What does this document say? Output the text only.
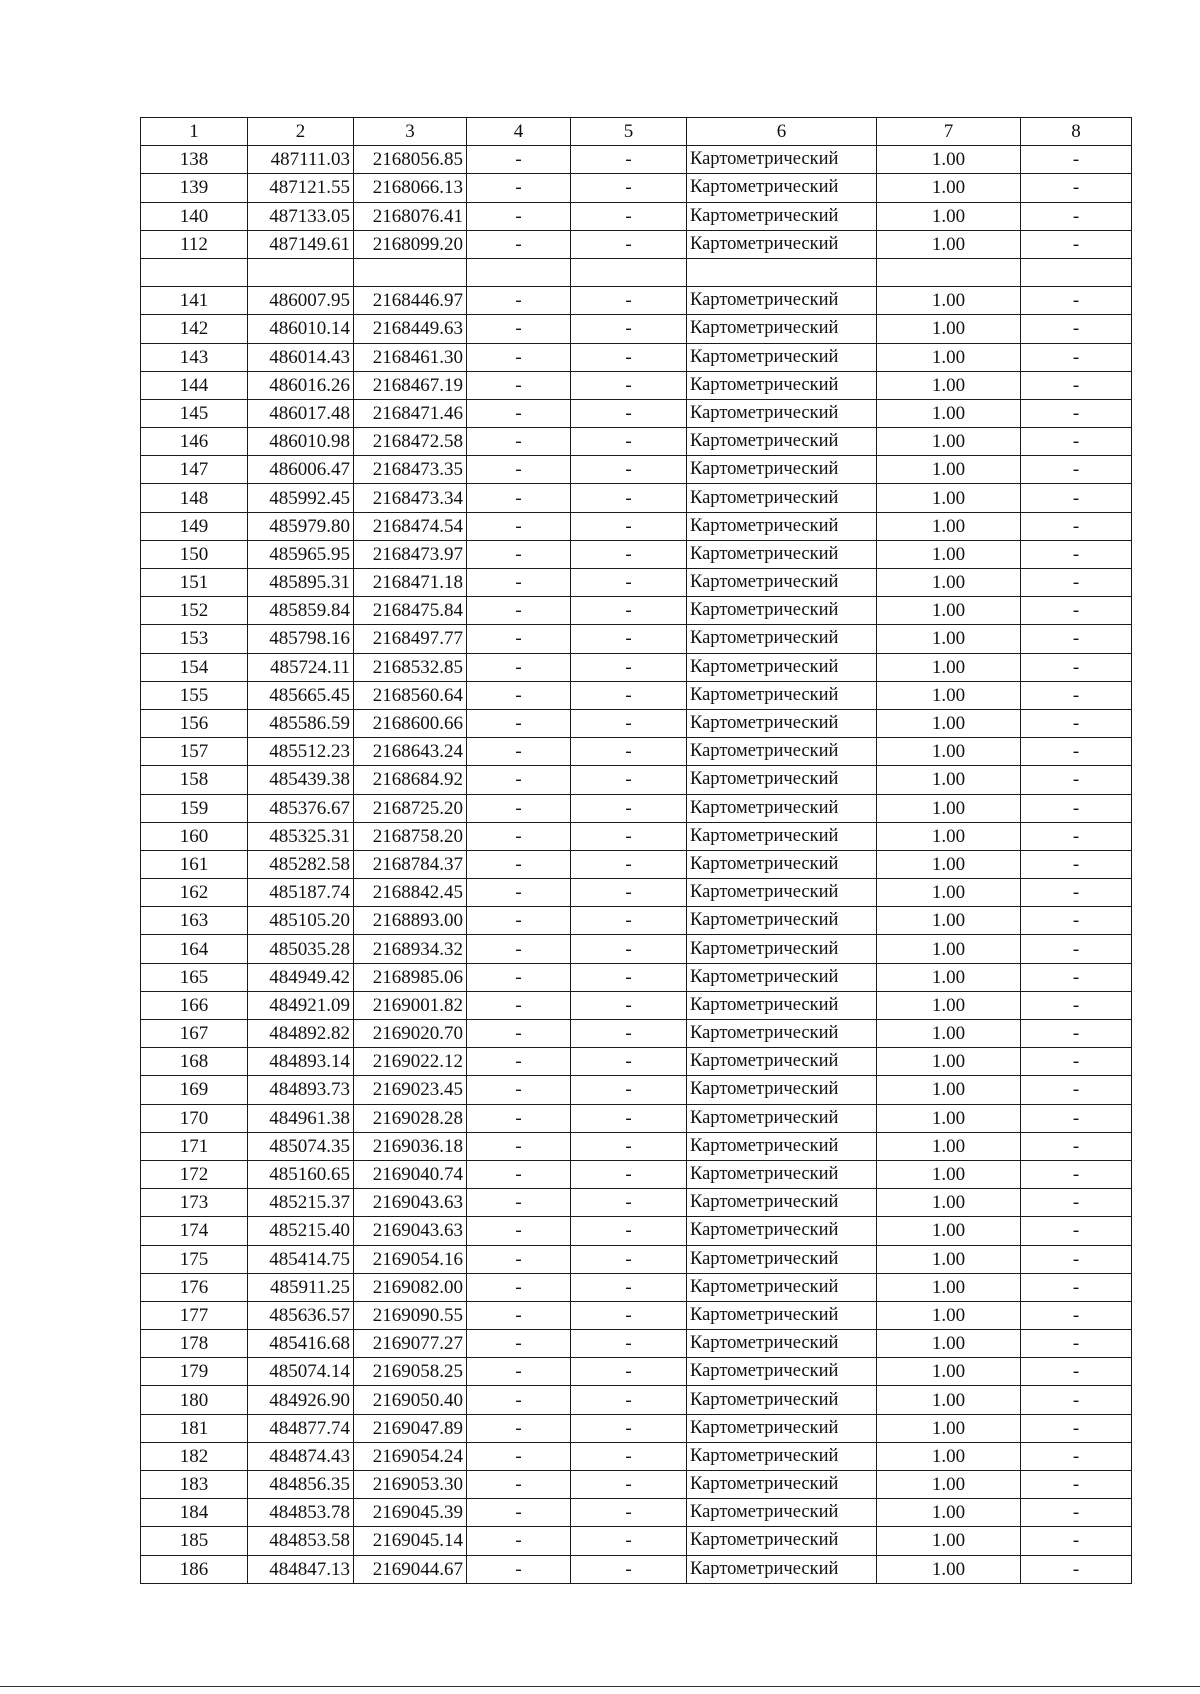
1	2	3	4	5	6	7	8
138	487111.03	2168056.85	-	-	Картометрический	1.00	-
139	487121.55	2168066.13	-	-	Картометрический	1.00	-
140	487133.05	2168076.41	-	-	Картометрический	1.00	-
112	487149.61	2168099.20	-	-	Картометрический	1.00	-

141	486007.95	2168446.97	-	-	Картометрический	1.00	-
142	486010.14	2168449.63	-	-	Картометрический	1.00	-
143	486014.43	2168461.30	-	-	Картометрический	1.00	-
144	486016.26	2168467.19	-	-	Картометрический	1.00	-
145	486017.48	2168471.46	-	-	Картометрический	1.00	-
146	486010.98	2168472.58	-	-	Картометрический	1.00	-
147	486006.47	2168473.35	-	-	Картометрический	1.00	-
148	485992.45	2168473.34	-	-	Картометрический	1.00	-
149	485979.80	2168474.54	-	-	Картометрический	1.00	-
150	485965.95	2168473.97	-	-	Картометрический	1.00	-
151	485895.31	2168471.18	-	-	Картометрический	1.00	-
152	485859.84	2168475.84	-	-	Картометрический	1.00	-
153	485798.16	2168497.77	-	-	Картометрический	1.00	-
154	485724.11	2168532.85	-	-	Картометрический	1.00	-
155	485665.45	2168560.64	-	-	Картометрический	1.00	-
156	485586.59	2168600.66	-	-	Картометрический	1.00	-
157	485512.23	2168643.24	-	-	Картометрический	1.00	-
158	485439.38	2168684.92	-	-	Картометрический	1.00	-
159	485376.67	2168725.20	-	-	Картометрический	1.00	-
160	485325.31	2168758.20	-	-	Картометрический	1.00	-
161	485282.58	2168784.37	-	-	Картометрический	1.00	-
162	485187.74	2168842.45	-	-	Картометрический	1.00	-
163	485105.20	2168893.00	-	-	Картометрический	1.00	-
164	485035.28	2168934.32	-	-	Картометрический	1.00	-
165	484949.42	2168985.06	-	-	Картометрический	1.00	-
166	484921.09	2169001.82	-	-	Картометрический	1.00	-
167	484892.82	2169020.70	-	-	Картометрический	1.00	-
168	484893.14	2169022.12	-	-	Картометрический	1.00	-
169	484893.73	2169023.45	-	-	Картометрический	1.00	-
170	484961.38	2169028.28	-	-	Картометрический	1.00	-
171	485074.35	2169036.18	-	-	Картометрический	1.00	-
172	485160.65	2169040.74	-	-	Картометрический	1.00	-
173	485215.37	2169043.63	-	-	Картометрический	1.00	-
174	485215.40	2169043.63	-	-	Картометрический	1.00	-
175	485414.75	2169054.16	-	-	Картометрический	1.00	-
176	485911.25	2169082.00	-	-	Картометрический	1.00	-
177	485636.57	2169090.55	-	-	Картометрический	1.00	-
178	485416.68	2169077.27	-	-	Картометрический	1.00	-
179	485074.14	2169058.25	-	-	Картометрический	1.00	-
180	484926.90	2169050.40	-	-	Картометрический	1.00	-
181	484877.74	2169047.89	-	-	Картометрический	1.00	-
182	484874.43	2169054.24	-	-	Картометрический	1.00	-
183	484856.35	2169053.30	-	-	Картометрический	1.00	-
184	484853.78	2169045.39	-	-	Картометрический	1.00	-
185	484853.58	2169045.14	-	-	Картометрический	1.00	-
186	484847.13	2169044.67	-	-	Картометрический	1.00	-
